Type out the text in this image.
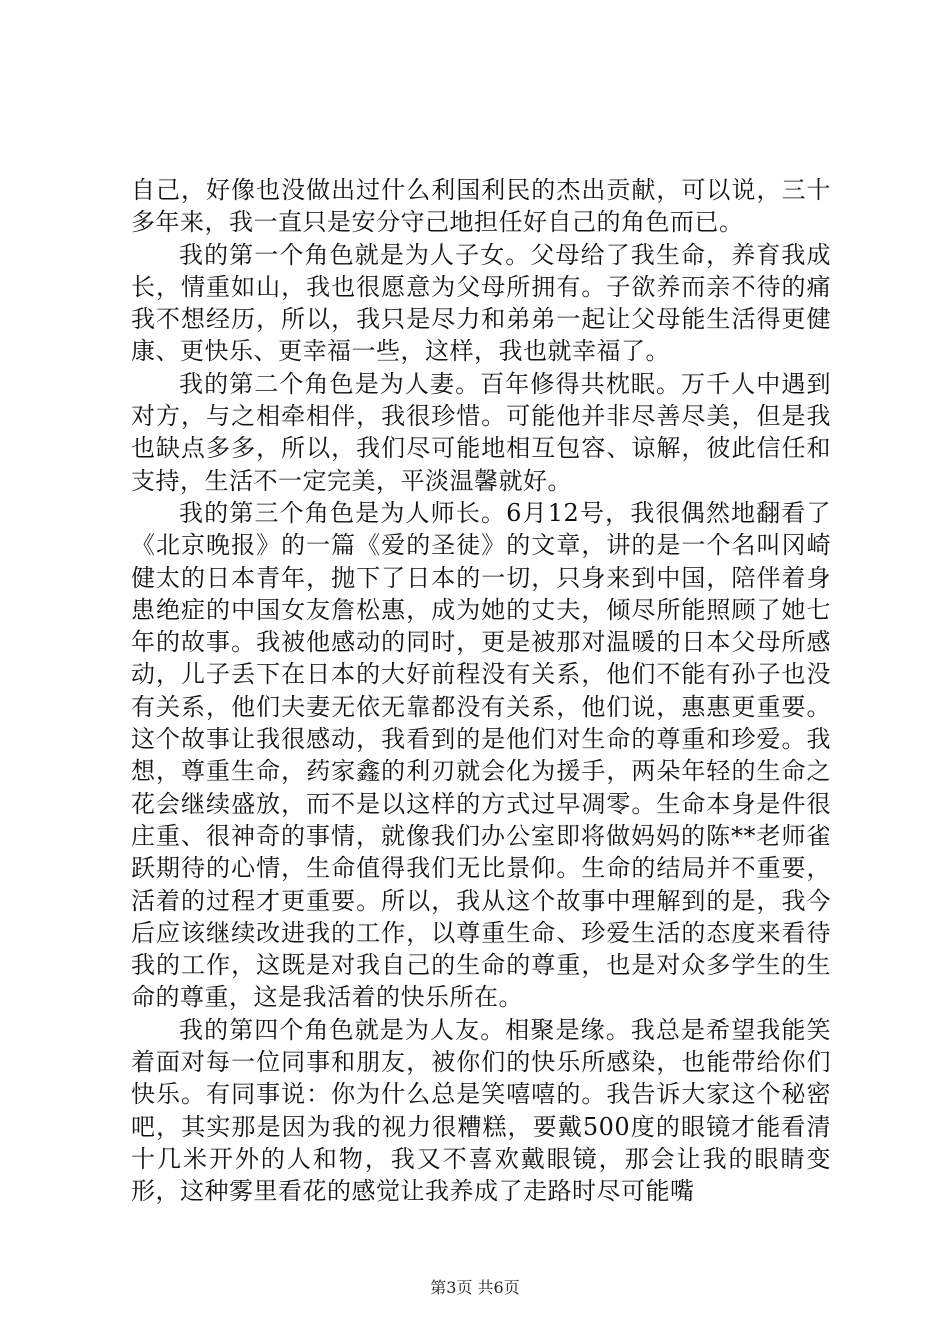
自己，好像也没做出过什么利国利民的杰出贡献，可以说，三十多年来，我一直只是安分守己地担任好自己的角色而已。

我的第一个角色就是为人子女。父母给了我生命，养育我成长，情重如山，我也很愿意为父母所拥有。子欲养而亲不待的痛我不想经历，所以，我只是尽力和弟弟一起让父母能生活得更健康、更快乐、更幸福一些，这样，我也就幸福了。

我的第二个角色是为人妻。百年修得共枕眠。万千人中遇到对方，与之相牵相伴，我很珍惜。可能他并非尽善尽美，但是我也缺点多多，所以，我们尽可能地相互包容、谅解，彼此信任和支持，生活不一定完美，平淡温馨就好。

我的第三个角色是为人师长。6月12号，我很偶然地翻看了《北京晚报》的一篇《爱的圣徒》的文章，讲的是一个名叫冈崎健太的日本青年，抛下了日本的一切，只身来到中国，陪伴着身患绝症的中国女友詹松惠，成为她的丈夫，倾尽所能照顾了她七年的故事。我被他感动的同时，更是被那对温暖的日本父母所感动，儿子丢下在日本的大好前程没有关系，他们不能有孙子也没有关系，他们夫妻无依无靠都没有关系，他们说，惠惠更重要。这个故事让我很感动，我看到的是他们对生命的尊重和珍爱。我想，尊重生命，药家鑫的利刃就会化为援手，两朵年轻的生命之花会继续盛放，而不是以这样的方式过早凋零。生命本身是件很庄重、很神奇的事情，就像我们办公室即将做妈妈的陈**老师雀跃期待的心情，生命值得我们无比景仰。生命的结局并不重要，活着的过程才更重要。所以，我从这个故事中理解到的是，我今后应该继续改进我的工作，以尊重生命、珍爱生活的态度来看待我的工作，这既是对我自己的生命的尊重，也是对众多学生的生命的尊重，这是我活着的快乐所在。

我的第四个角色就是为人友。相聚是缘。我总是希望我能笑着面对每一位同事和朋友，被你们的快乐所感染，也能带给你们快乐。有同事说：你为什么总是笑嘻嘻的。我告诉大家这个秘密吧，其实那是因为我的视力很糟糕，要戴500度的眼镜才能看清十几米开外的人和物，我又不喜欢戴眼镜，那会让我的眼睛变形，这种雾里看花的感觉让我养成了走路时尽可能嘴

第3页 共6页
